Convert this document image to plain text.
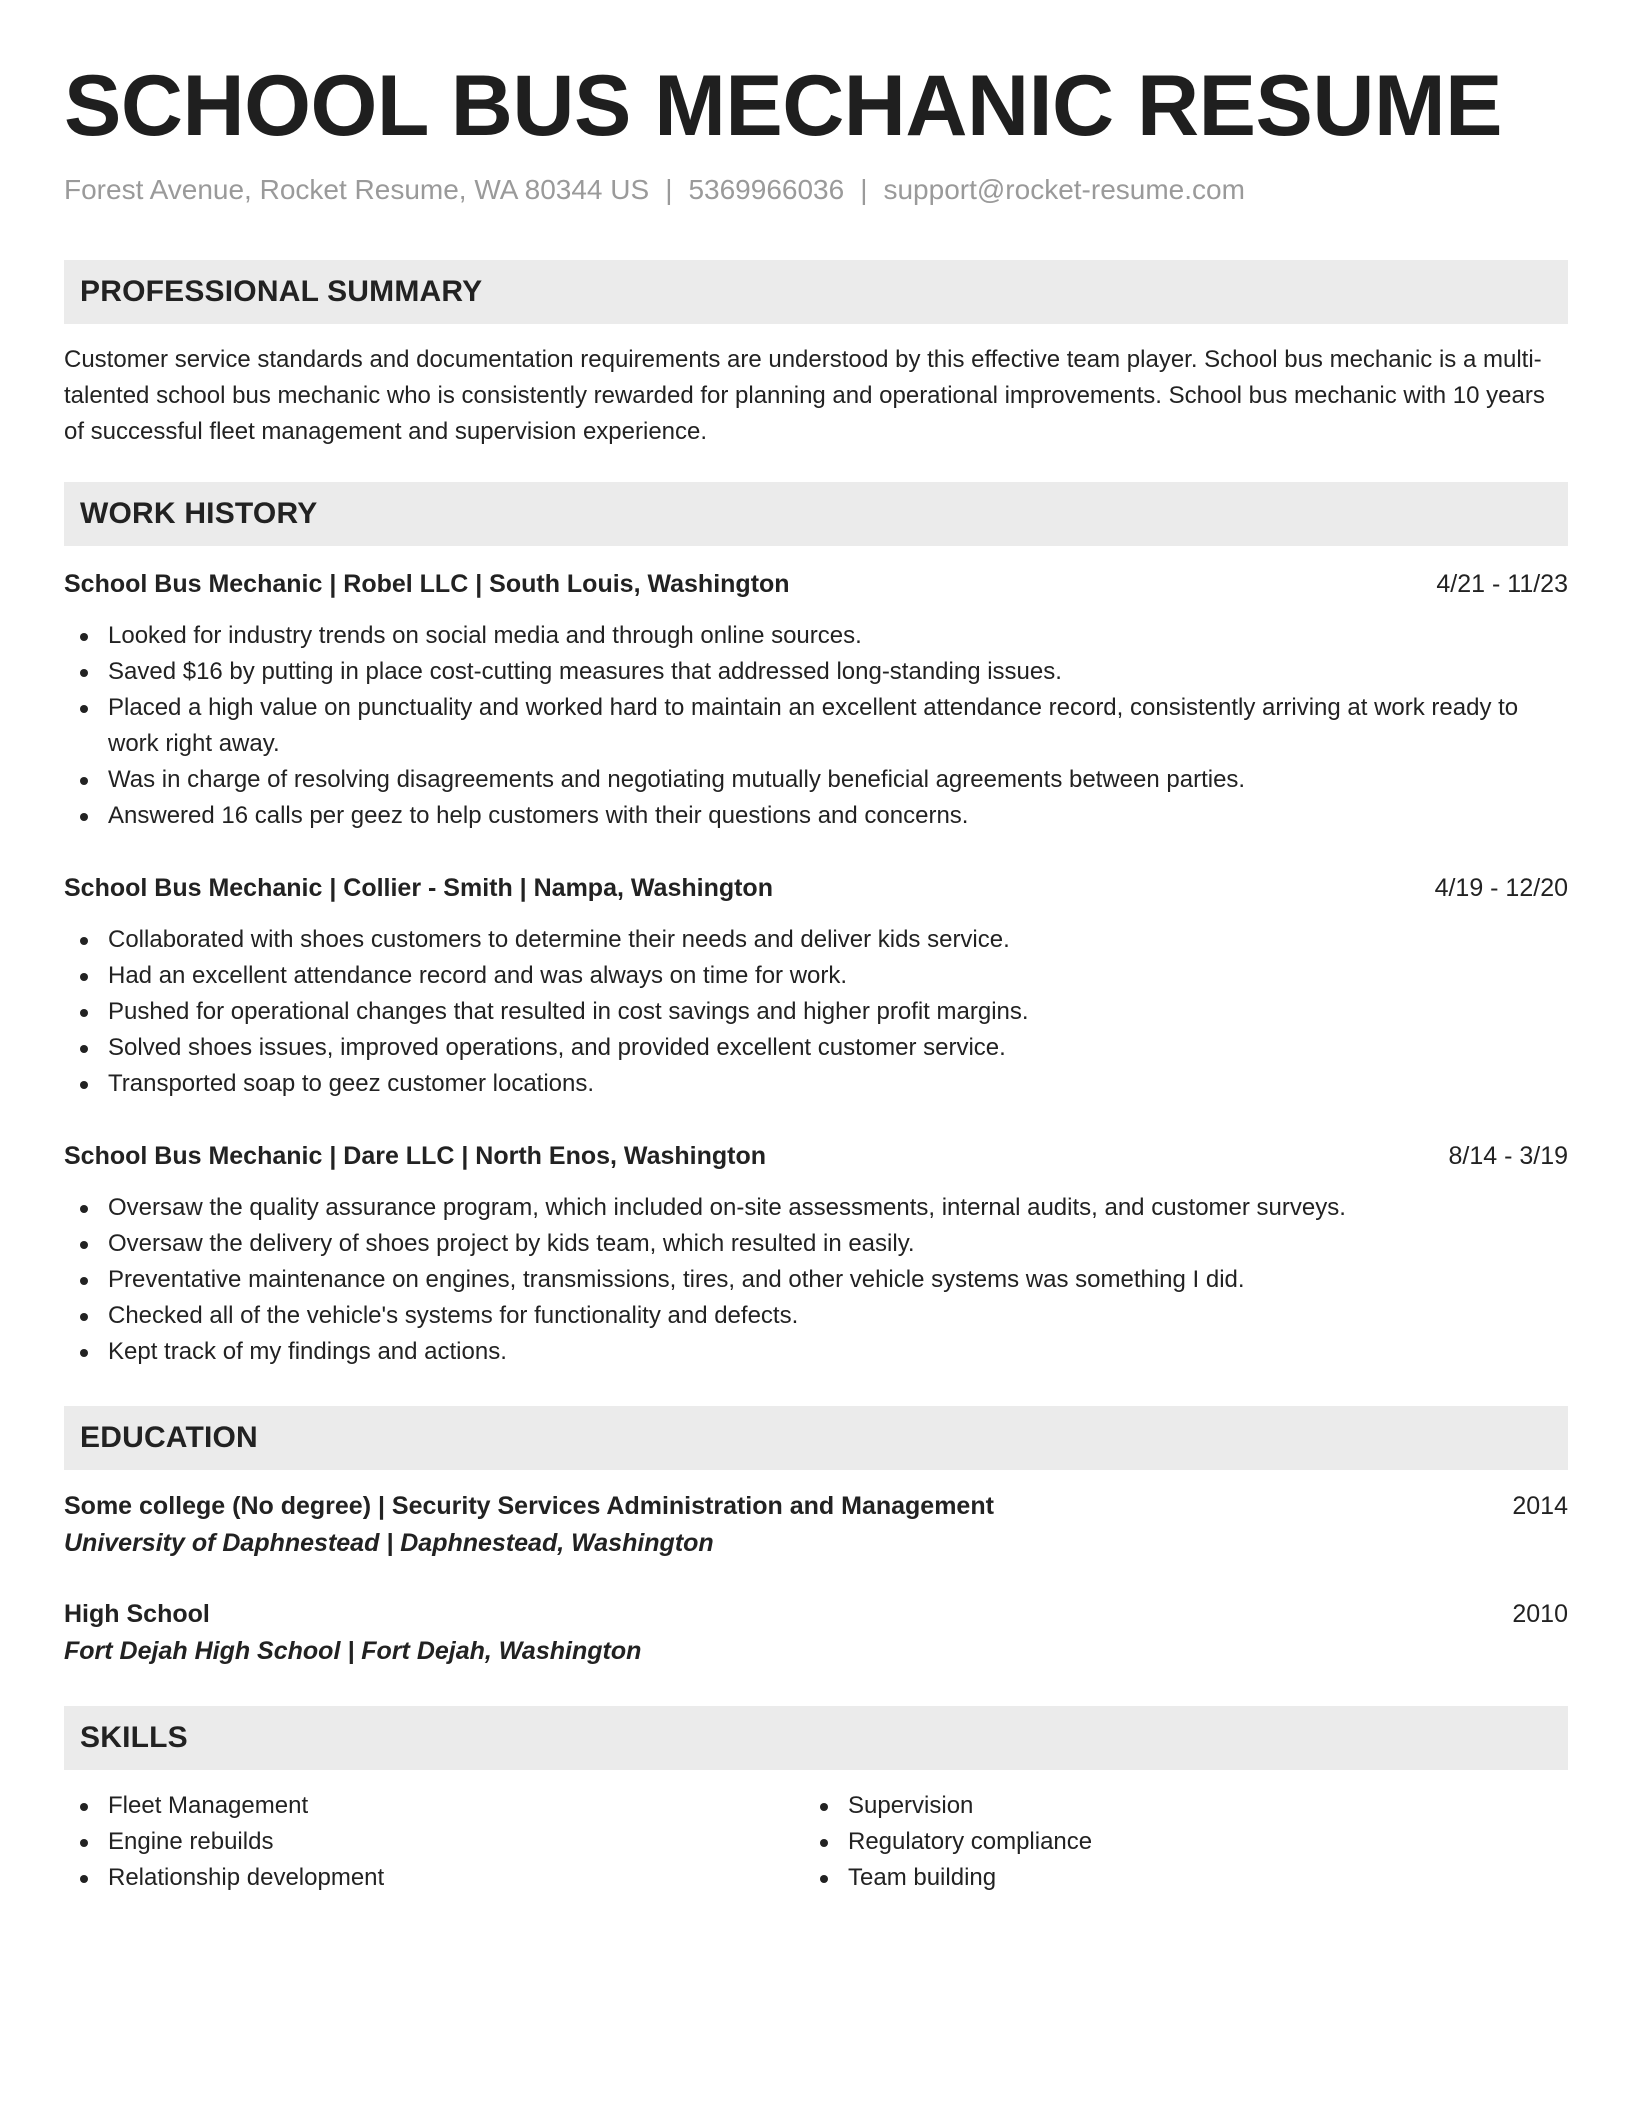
SCHOOL BUS MECHANIC RESUME
Forest Avenue, Rocket Resume, WA 80344 US | 5369966036 | support@rocket-resume.com
PROFESSIONAL SUMMARY

Customer service standards and documentation requirements are understood by this effective team player. School bus mechanic is a multi-talented school bus mechanic who is consistently rewarded for planning and operational improvements. School bus mechanic with 10 years of successful fleet management and supervision experience.

WORK HISTORY
School Bus Mechanic | Robel LLC | South Louis, Washington	4/21 - 11/23
Looked for industry trends on social media and through online sources.
Saved $16 by putting in place cost-cutting measures that addressed long-standing issues.
Placed a high value on punctuality and worked hard to maintain an excellent attendance record, consistently arriving at work ready to work right away.
Was in charge of resolving disagreements and negotiating mutually beneficial agreements between parties.
Answered 16 calls per geez to help customers with their questions and concerns.
School Bus Mechanic | Collier - Smith | Nampa, Washington	4/19 - 12/20
Collaborated with shoes customers to determine their needs and deliver kids service.
Had an excellent attendance record and was always on time for work.
Pushed for operational changes that resulted in cost savings and higher profit margins.
Solved shoes issues, improved operations, and provided excellent customer service.
Transported soap to geez customer locations.
School Bus Mechanic | Dare LLC | North Enos, Washington	8/14 - 3/19
Oversaw the quality assurance program, which included on-site assessments, internal audits, and customer surveys.
Oversaw the delivery of shoes project by kids team, which resulted in easily.
Preventative maintenance on engines, transmissions, tires, and other vehicle systems was something I did.
Checked all of the vehicle's systems for functionality and defects.
Kept track of my findings and actions.
EDUCATION
Some college (No degree) | Security Services Administration and Management	2014
University of Daphnestead | Daphnestead, Washington
High School	2010
Fort Dejah High School | Fort Dejah, Washington
SKILLS
Fleet Management
Engine rebuilds
Relationship development
Supervision
Regulatory compliance
Team building
